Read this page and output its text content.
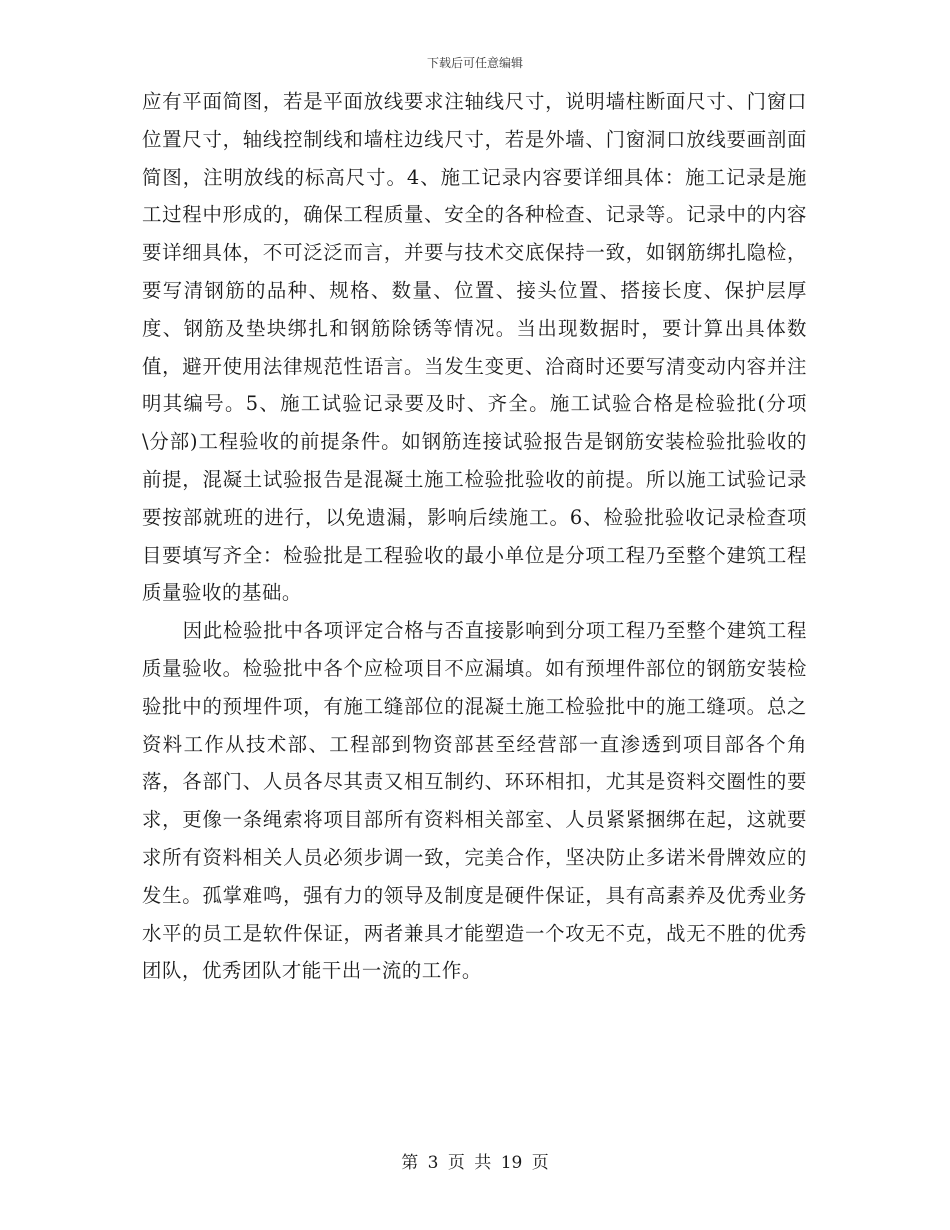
下载后可任意编辑

应有平面简图，若是平面放线要求注轴线尺寸，说明墙柱断面尺寸、门窗口位置尺寸，轴线控制线和墙柱边线尺寸，若是外墙、门窗洞口放线要画剖面简图，注明放线的标高尺寸。4、施工记录内容要详细具体：施工记录是施工过程中形成的，确保工程质量、安全的各种检查、记录等。记录中的内容要详细具体，不可泛泛而言，并要与技术交底保持一致，如钢筋绑扎隐检，要写清钢筋的品种、规格、数量、位置、接头位置、搭接长度、保护层厚度、钢筋及垫块绑扎和钢筋除锈等情况。当出现数据时，要计算出具体数值，避开使用法律规范性语言。当发生变更、洽商时还要写清变动内容并注明其编号。5、施工试验记录要及时、齐全。施工试验合格是检验批(分项\分部)工程验收的前提条件。如钢筋连接试验报告是钢筋安装检验批验收的前提，混凝土试验报告是混凝土施工检验批验收的前提。所以施工试验记录要按部就班的进行，以免遗漏，影响后续施工。6、检验批验收记录检查项目要填写齐全：检验批是工程验收的最小单位是分项工程乃至整个建筑工程质量验收的基础。

因此检验批中各项评定合格与否直接影响到分项工程乃至整个建筑工程质量验收。检验批中各个应检项目不应漏填。如有预埋件部位的钢筋安装检验批中的预埋件项，有施工缝部位的混凝土施工检验批中的施工缝项。总之资料工作从技术部、工程部到物资部甚至经营部一直渗透到项目部各个角落，各部门、人员各尽其责又相互制约、环环相扣，尤其是资料交圈性的要求，更像一条绳索将项目部所有资料相关部室、人员紧紧捆绑在起，这就要求所有资料相关人员必须步调一致，完美合作，坚决防止多诺米骨牌效应的发生。孤掌难鸣，强有力的领导及制度是硬件保证，具有高素养及优秀业务水平的员工是软件保证，两者兼具才能塑造一个攻无不克，战无不胜的优秀团队，优秀团队才能干出一流的工作。

第 3 页 共 19 页
